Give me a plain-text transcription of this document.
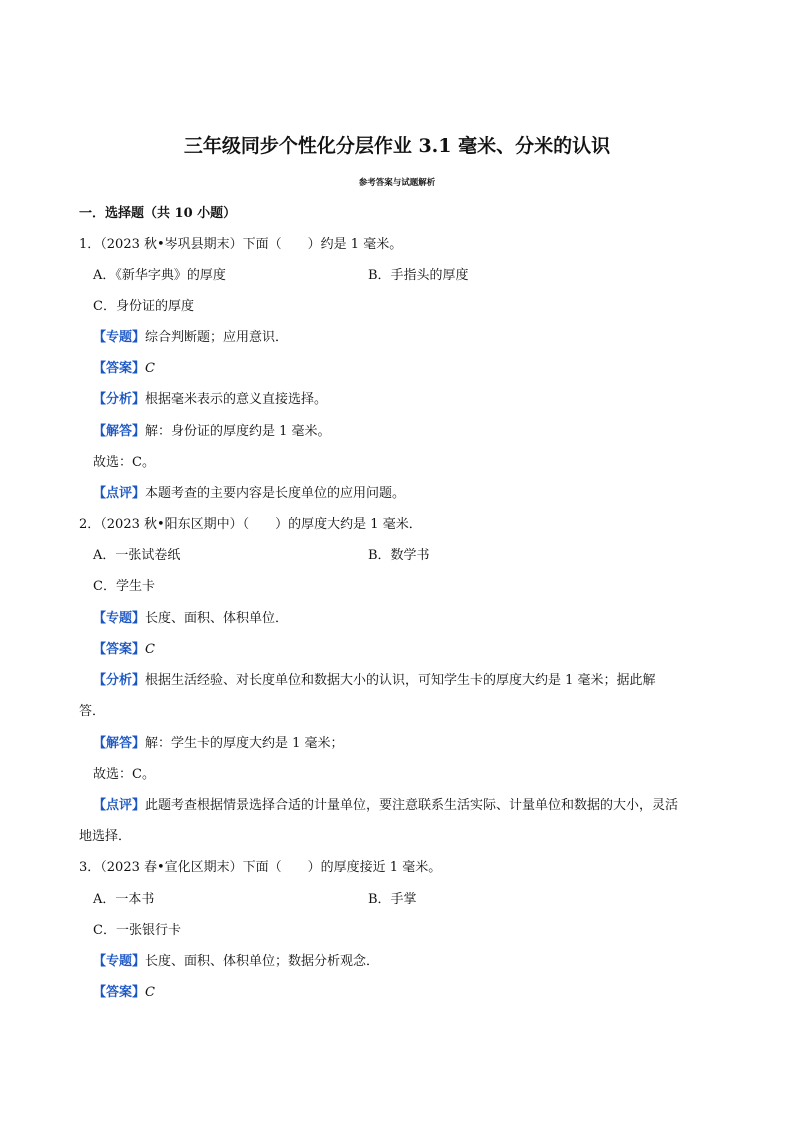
三年级同步个性化分层作业 3.1 毫米、分米的认识
参考答案与试题解析
一．选择题（共 10 小题）
1．（2023 秋•岑巩县期末）下面（　　）约是 1 毫米。
A．《新华字典》的厚度	B．手指头的厚度
C．身份证的厚度
【专题】综合判断题；应用意识．
【答案】C
【分析】根据毫米表示的意义直接选择。
【解答】解：身份证的厚度约是 1 毫米。
故选：C。
【点评】本题考查的主要内容是长度单位的应用问题。
2．（2023 秋•阳东区期中）（　　）的厚度大约是 1 毫米．
A．一张试卷纸	B．数学书
C．学生卡
【专题】长度、面积、体积单位．
【答案】C
【分析】根据生活经验、对长度单位和数据大小的认识，可知学生卡的厚度大约是 1 毫米；据此解
答．
【解答】解：学生卡的厚度大约是 1 毫米；
故选：C。
【点评】此题考查根据情景选择合适的计量单位，要注意联系生活实际、计量单位和数据的大小，灵活
地选择．
3．（2023 春•宣化区期末）下面（　　）的厚度接近 1 毫米。
A．一本书	B．手掌
C．一张银行卡
【专题】长度、面积、体积单位；数据分析观念．
【答案】C
